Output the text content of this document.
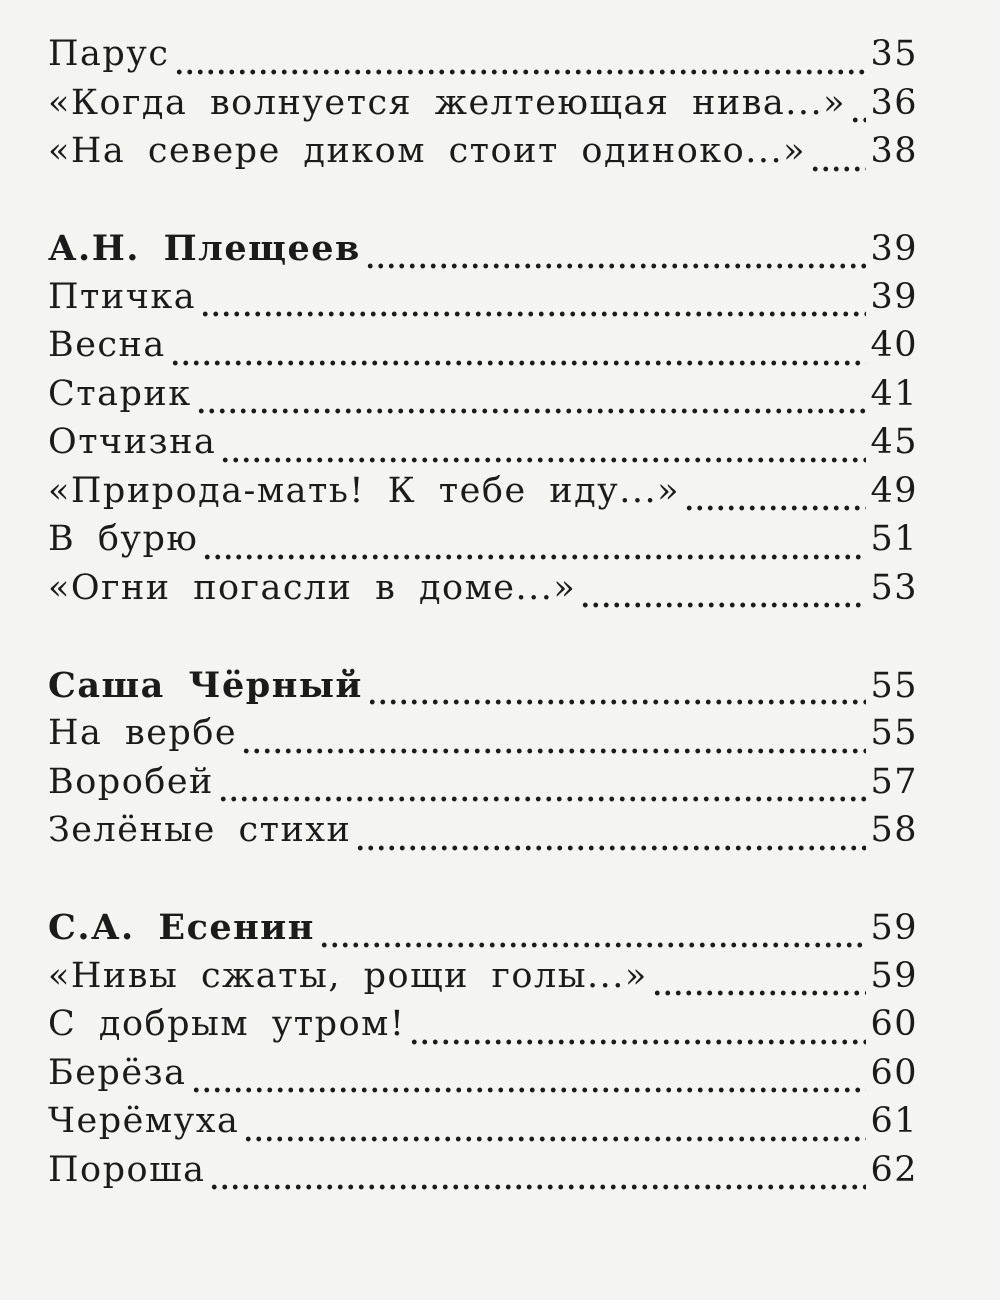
Парус	35
«Когда волнуется желтеющая нива...» 36
«На севере диком стоит одиноко...» 38
А.Н. Плещеев	39
Птичка	39
Весна	40
Старик	41
Отчизна	45
«Природа-мать! К тебе иду...»	49
В бурю	51
«Огни погасли в доме...»	53
Саша Чёрный	55
На вербе	55
Воробей	57
Зелёные стихи	58
С.А. Есенин	59
«Нивы сжаты, рощи голы...»	59
С добрым утром!	60
Берёза	60
Черёмуха	61
Пороша	62
